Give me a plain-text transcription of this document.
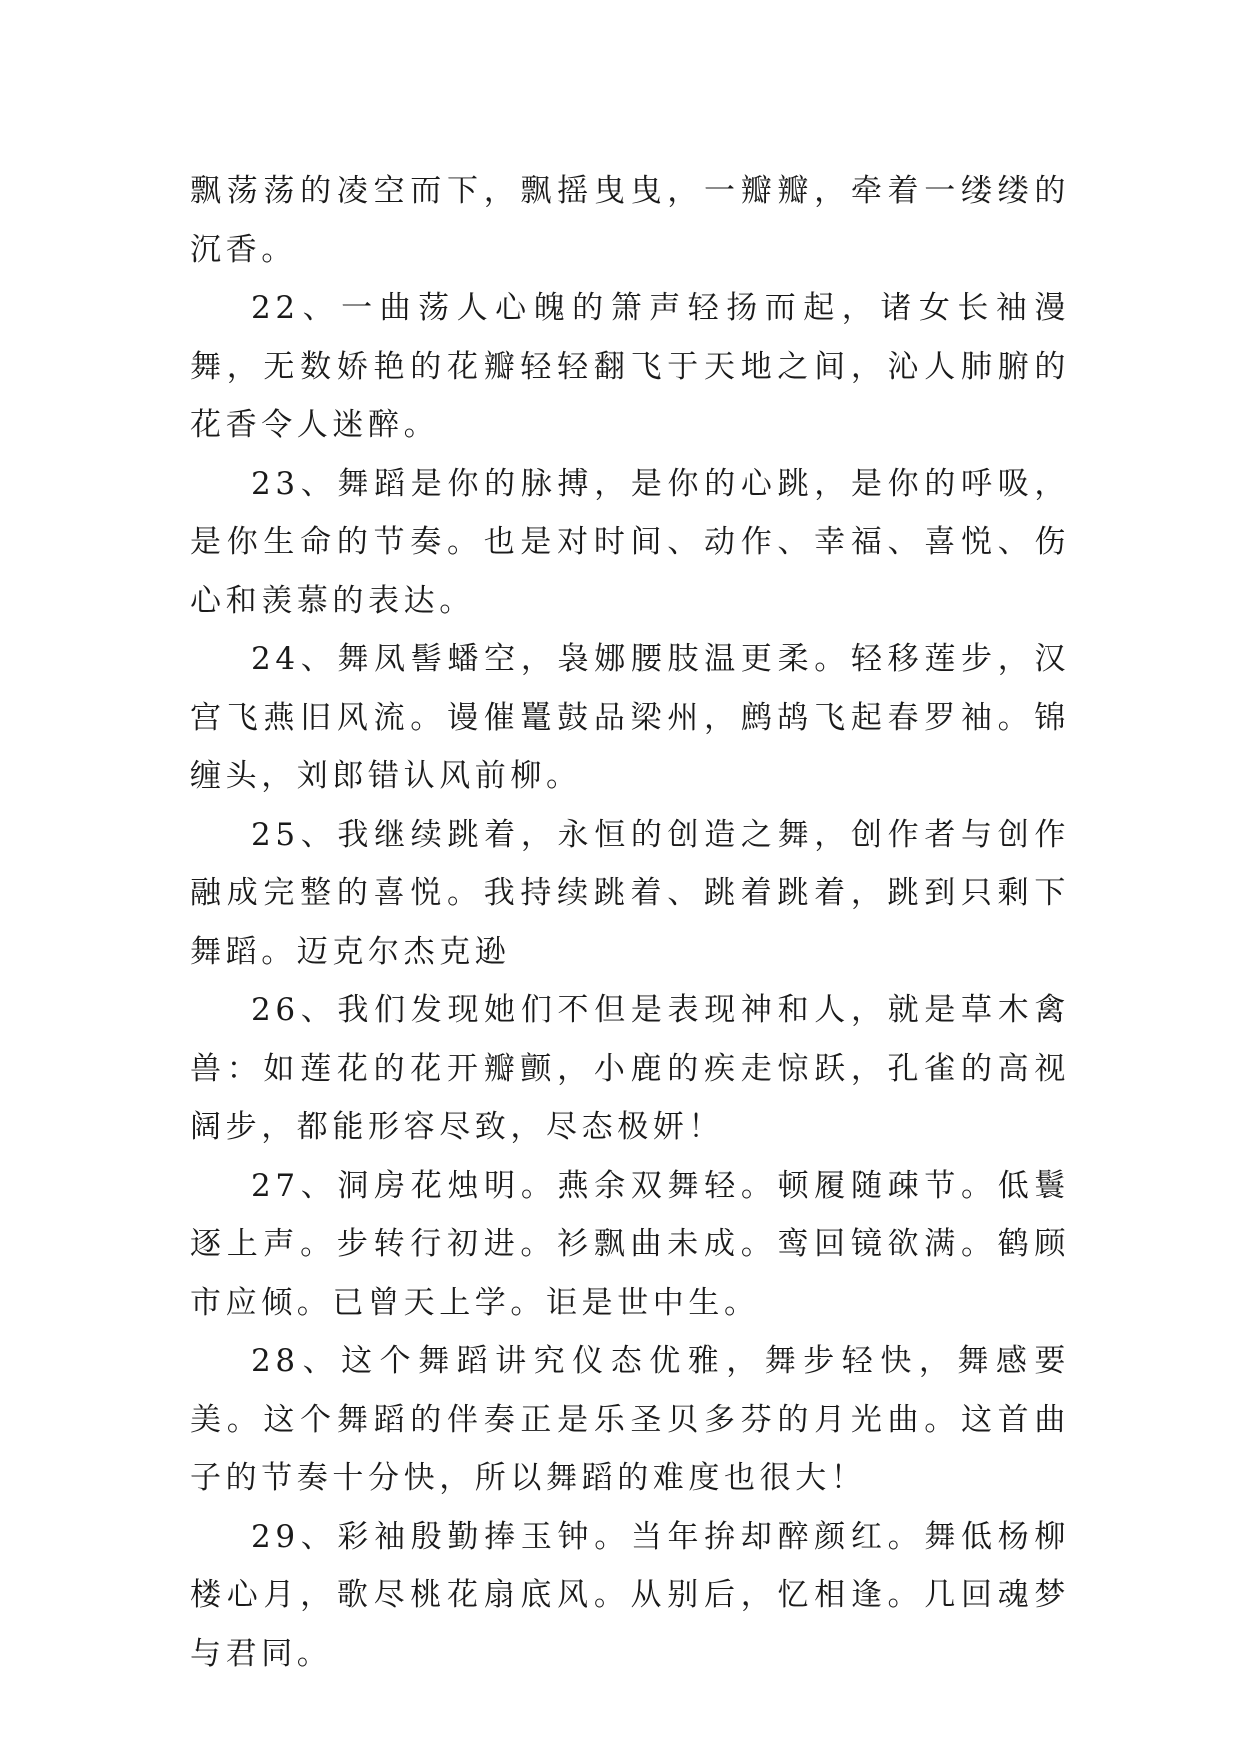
飘荡荡的凌空而下，飘摇曳曳，一瓣瓣，牵着一缕缕的沉香。

22、一曲荡人心魄的箫声轻扬而起，诸女长袖漫舞，无数娇艳的花瓣轻轻翻飞于天地之间，沁人肺腑的花香令人迷醉。

23、舞蹈是你的脉搏，是你的心跳，是你的呼吸，是你生命的节奏。也是对时间、动作、幸福、喜悦、伤心和羡慕的表达。

24、舞凤髻蟠空，袅娜腰肢温更柔。轻移莲步，汉宫飞燕旧风流。谩催鼍鼓品梁州，鹧鸪飞起春罗袖。锦缠头，刘郎错认风前柳。

25、我继续跳着，永恒的创造之舞，创作者与创作融成完整的喜悦。我持续跳着、跳着跳着，跳到只剩下舞蹈。迈克尔杰克逊

26、我们发现她们不但是表现神和人，就是草木禽兽：如莲花的花开瓣颤，小鹿的疾走惊跃，孔雀的高视阔步，都能形容尽致，尽态极妍！

27、洞房花烛明。燕余双舞轻。顿履随疎节。低鬟逐上声。步转行初进。衫飘曲未成。鸾回镜欲满。鹤顾市应倾。已曾天上学。讵是世中生。

28、这个舞蹈讲究仪态优雅，舞步轻快，舞感要美。这个舞蹈的伴奏正是乐圣贝多芬的月光曲。这首曲子的节奏十分快，所以舞蹈的难度也很大！

29、彩袖殷勤捧玉钟。当年拚却醉颜红。舞低杨柳楼心月，歌尽桃花扇底风。从别后，忆相逢。几回魂梦与君同。
